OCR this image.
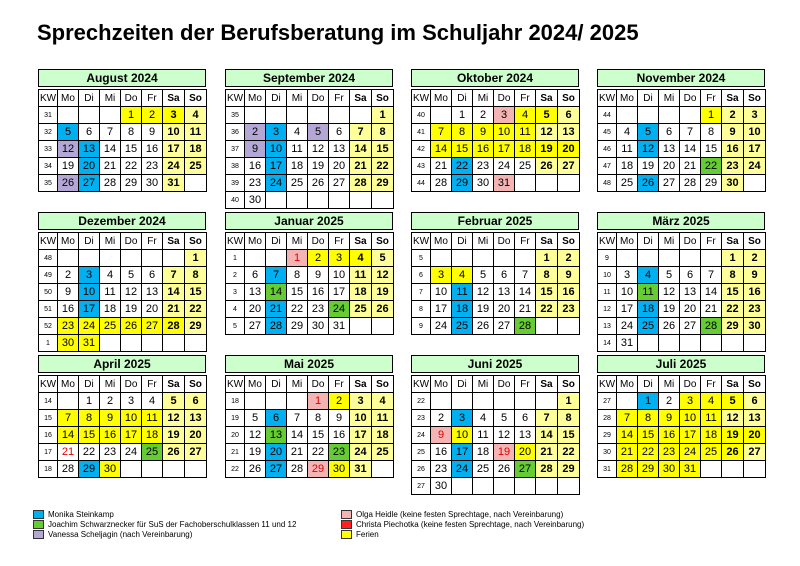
Sprechzeiten der Berufsberatung im Schuljahr 2024/ 2025
August 2024
KW	Mo	Di	Mi	Do	Fr	Sa	So
31				1	2	3	4
32	5	6	7	8	9	10	11
33	12	13	14	15	16	17	18
34	19	20	21	22	23	24	25
35	26	27	28	29	30	31	
September 2024
KW	Mo	Di	Mi	Do	Fr	Sa	So
35							1
36	2	3	4	5	6	7	8
37	9	10	11	12	13	14	15
38	16	17	18	19	20	21	22
39	23	24	25	26	27	28	29
40	30						
Oktober 2024
KW	Mo	Di	Mi	Do	Fr	Sa	So
40		1	2	3	4	5	6
41	7	8	9	10	11	12	13
42	14	15	16	17	18	19	20
43	21	22	23	24	25	26	27
44	28	29	30	31			
November 2024
KW	Mo	Di	Mi	Do	Fr	Sa	So
44					1	2	3
45	4	5	6	7	8	9	10
46	11	12	13	14	15	16	17
47	18	19	20	21	22	23	24
48	25	26	27	28	29	30	
Dezember 2024
KW	Mo	Di	Mi	Do	Fr	Sa	So
48							1
49	2	3	4	5	6	7	8
50	9	10	11	12	13	14	15
51	16	17	18	19	20	21	22
52	23	24	25	26	27	28	29
1	30	31					
Januar 2025
KW	Mo	Di	Mi	Do	Fr	Sa	So
1			1	2	3	4	5
2	6	7	8	9	10	11	12
3	13	14	15	16	17	18	19
4	20	21	22	23	24	25	26
5	27	28	29	30	31		
Februar 2025
KW	Mo	Di	Mi	Do	Fr	Sa	So
5						1	2
6	3	4	5	6	7	8	9
7	10	11	12	13	14	15	16
8	17	18	19	20	21	22	23
9	24	25	26	27	28		
März 2025
KW	Mo	Di	Mi	Do	Fr	Sa	So
9						1	2
10	3	4	5	6	7	8	9
11	10	11	12	13	14	15	16
12	17	18	19	20	21	22	23
13	24	25	26	27	28	29	30
14	31						
April 2025
KW	Mo	Di	Mi	Do	Fr	Sa	So
14		1	2	3	4	5	6
15	7	8	9	10	11	12	13
16	14	15	16	17	18	19	20
17	21	22	23	24	25	26	27
18	28	29	30				
Mai 2025
KW	Mo	Di	Mi	Do	Fr	Sa	So
18				1	2	3	4
19	5	6	7	8	9	10	11
20	12	13	14	15	16	17	18
21	19	20	21	22	23	24	25
22	26	27	28	29	30	31	
Juni 2025
KW	Mo	Di	Mi	Do	Fr	Sa	So
22							1
23	2	3	4	5	6	7	8
24	9	10	11	12	13	14	15
25	16	17	18	19	20	21	22
26	23	24	25	26	27	28	29
27	30						
Juli 2025
KW	Mo	Di	Mi	Do	Fr	Sa	So
27		1	2	3	4	5	6
28	7	8	9	10	11	12	13
29	14	15	16	17	18	19	20
30	21	22	23	24	25	26	27
31	28	29	30	31			
Monika Steinkamp
Joachim Schwarznecker für SuS der Fachoberschulklassen 11 und 12
Vanessa Scheljagin (nach Vereinbarung)
Olga Heidle (keine festen Sprechtage, nach Vereinbarung)
Christa Piechotka (keine festen Sprechtage, nach Vereinbarung)
Ferien
